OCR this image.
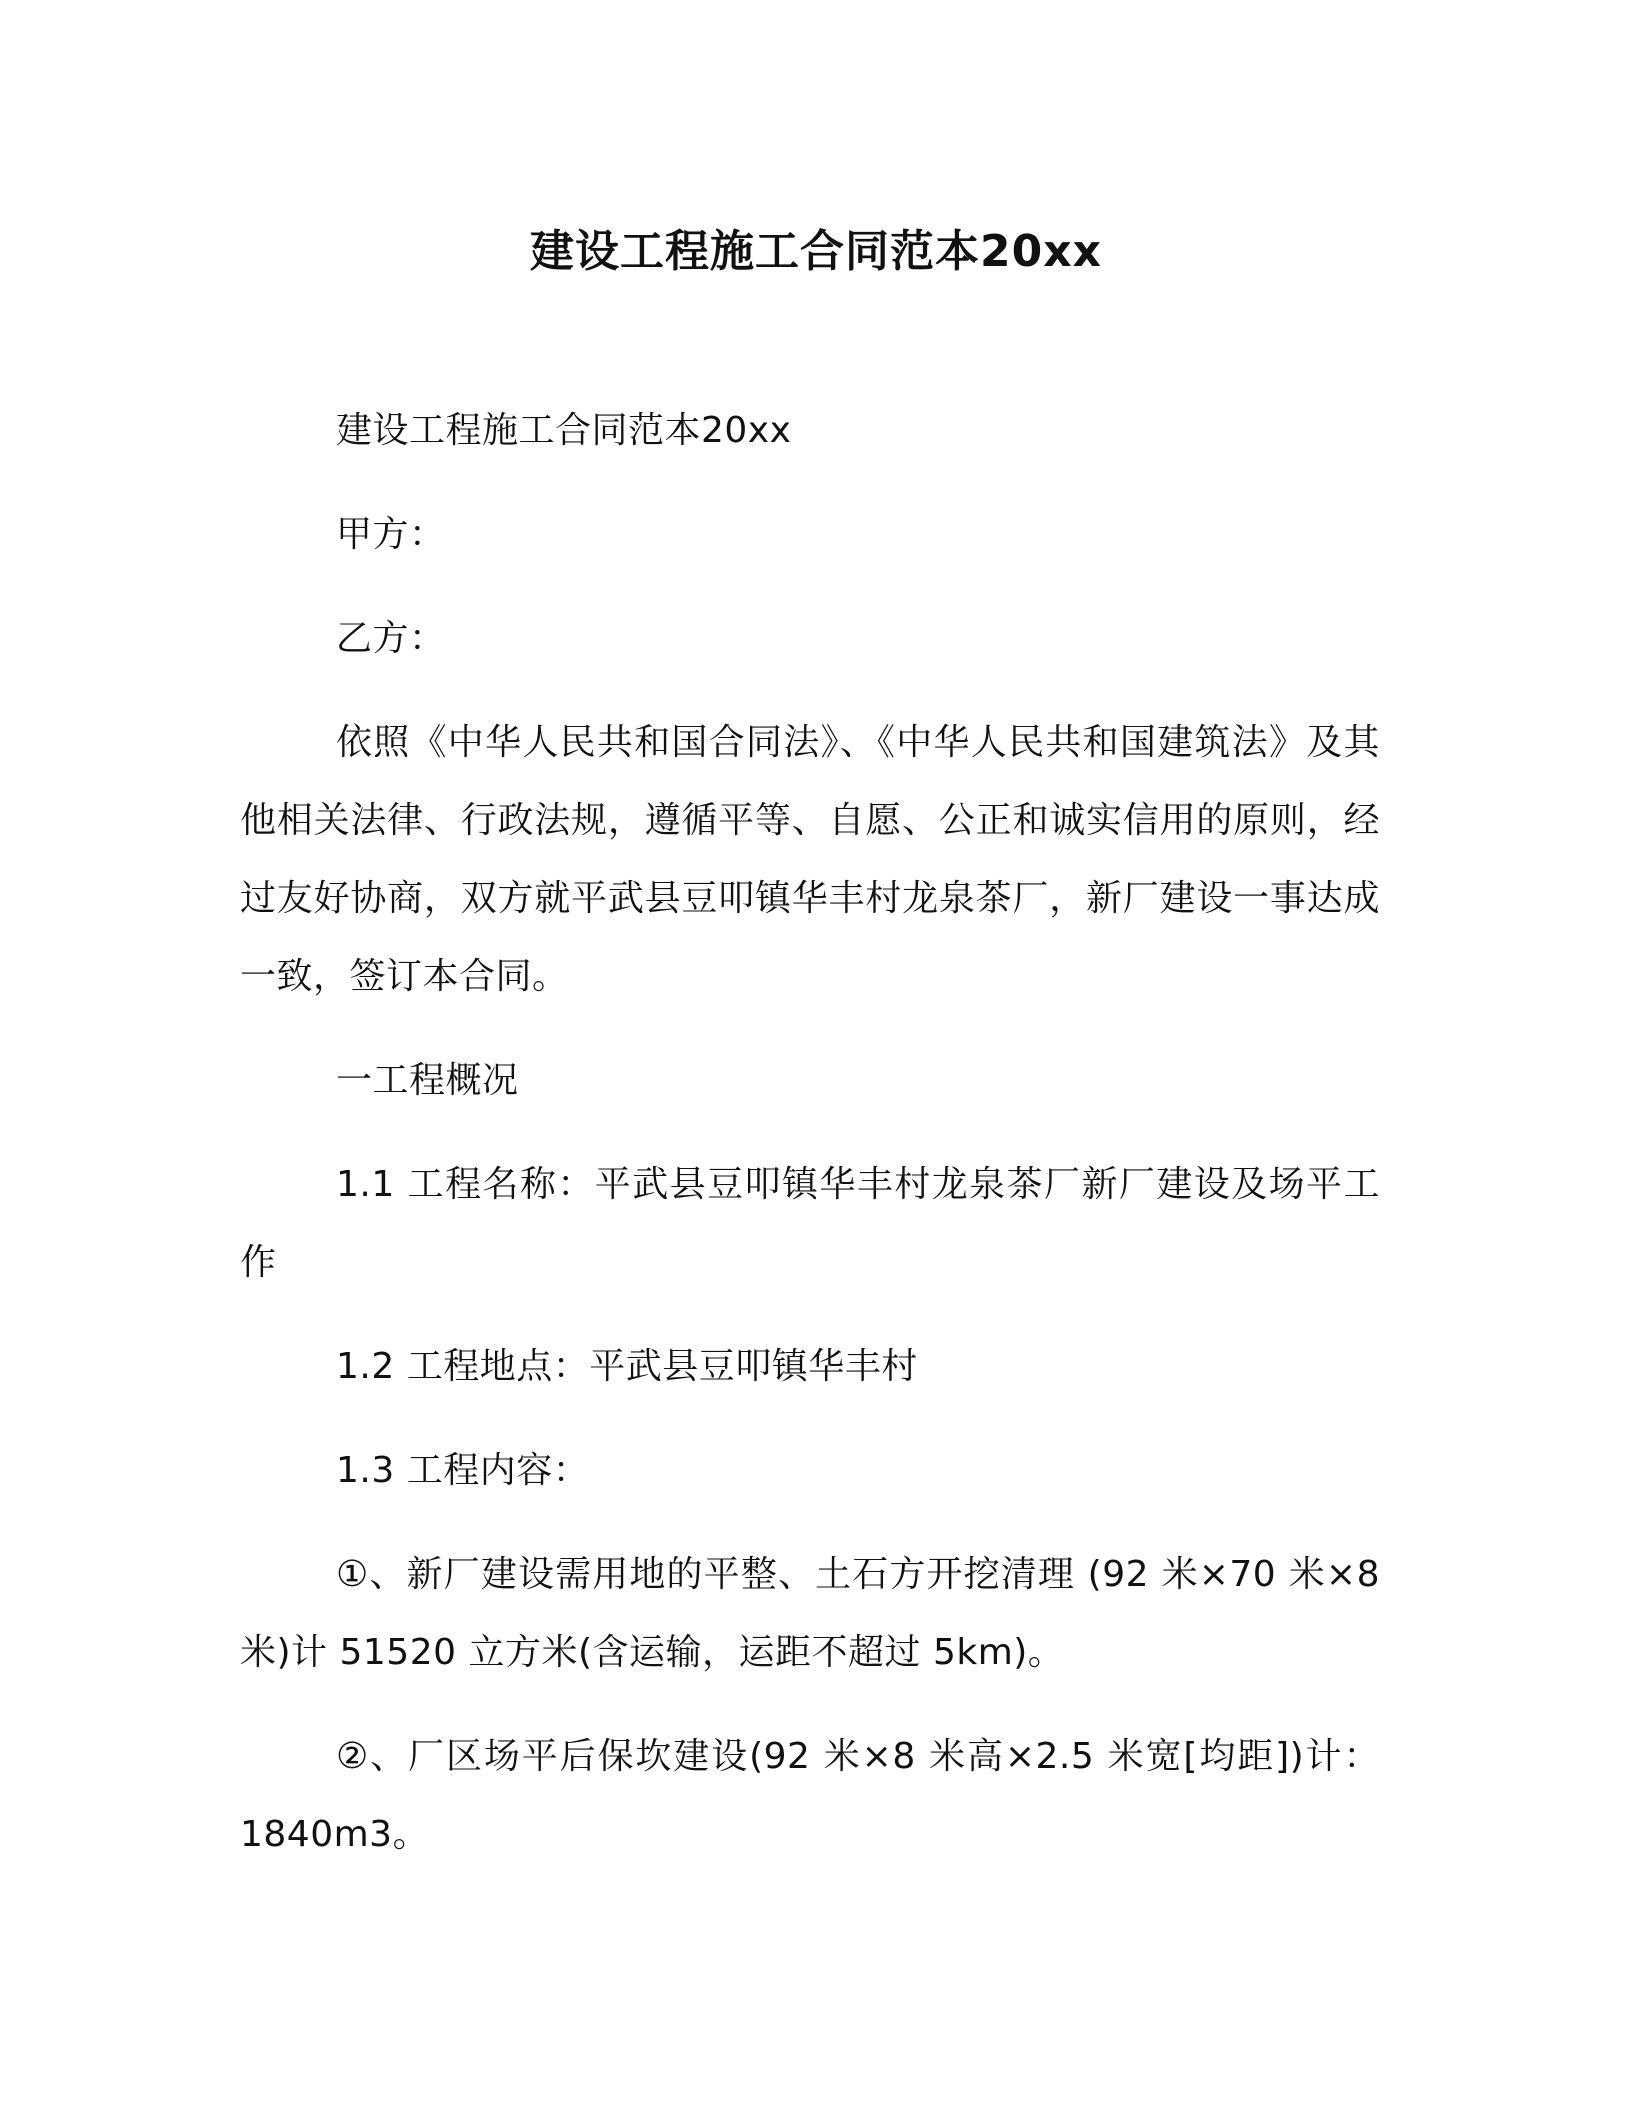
建设工程施工合同范本20xx

建设工程施工合同范本20xx

甲方：

乙方：

依照《中华人民共和国合同法》、《中华人民共和国建筑法》及其他相关法律、行政法规，遵循平等、自愿、公正和诚实信用的原则，经过友好协商，双方就平武县豆叩镇华丰村龙泉茶厂，新厂建设一事达成一致，签订本合同。

一工程概况

1.1 工程名称：平武县豆叩镇华丰村龙泉茶厂新厂建设及场平工作

1.2 工程地点：平武县豆叩镇华丰村

1.3 工程内容：

①、新厂建设需用地的平整、土石方开挖清理 (92 米×70 米×8 米)计 51520 立方米(含运输，运距不超过 5km)。

②、厂区场平后保坎建设(92 米×8 米高×2.5 米宽[均距])计：1840m3。
